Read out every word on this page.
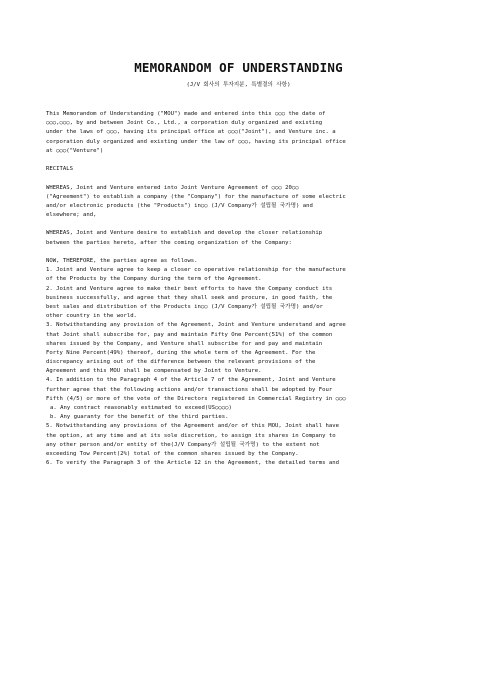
MEMORANDOM OF UNDERSTANDING
(J/V 회사의 투자지분, 특별결의 사항)
This Memorandom of Understanding ("MOU") made and entered into this ○○○ the date of
○○○,○○○, by and between Joint Co., Ltd., a corporation duly organized and existing
under the laws of ○○○, having its principal office at ○○○("Joint"), and Venture inc. a
corporation duly organized and existing under the law of ○○○, having its principal office
at ○○○("Venture")
RECITALS
WHEREAS, Joint and Venture entered into Joint Venture Agreement of ○○○ 20○○
("Agreement") to establish a company (the "Company") for the manufacture of some electric
and/or electronic products (the "Products") in○○ (J/V Company가 설립될 국가명) and
elsewhere; and,
WHEREAS, Joint and Venture desire to establish and develop the closer relationship
between the parties hereto, after the coming organization of the Company:
NOW, THEREFORE, the parties agree as follows.
1. Joint and Venture agree to keep a closer co operative relationship for the manufacture
of the Products by the Company during the term of the Agreement.
2. Joint and Venture agree to make their best efforts to have the Company conduct its
business successfully, and agree that they shall seek and procure, in good faith, the
best sales and distribution of the Products in○○ (J/V Company가 설립될 국가명) and/or
other country in the world.
3. Notwithstanding any provision of the Agreement, Joint and Venture understand and agree
that Joint shall subscribe for, pay and maintain Fifty One Percent(51%) of the common
shares issued by the Company, and Venture shall subscribe for and pay and maintain
Forty Nine Percent(49%) thereof, during the whole term of the Agreement. For the
discrepancy arising out of the difference between the relevant provisions of the
Agreement and this MOU shall be compensated by Joint to Venture.
4. In addition to the Paragraph 4 of the Article 7 of the Agreement, Joint and Venture
further agree that the following actions and/or transactions shall be adopted by Four
Fifth (4/5) or more of the vote of the Directors registered in Commercial Registry in ○○○
a. Any contract reasonably estimated to exceed(US○○○○)
b. Any guaranty for the benefit of the third parties.
5. Notwithstanding any provisions of the Agreement and/or of this MOU, Joint shall have
the option, at any time and at its sole discretion, to assign its shares in Company to
any other person and/or entity of the(J/V Company가 설립될 국가명) to the extent not
exceeding Tow Percent(2%) total of the common shares issued by the Company.
6. To verify the Paragraph 3 of the Article 12 in the Agreement, the detailed terms and
